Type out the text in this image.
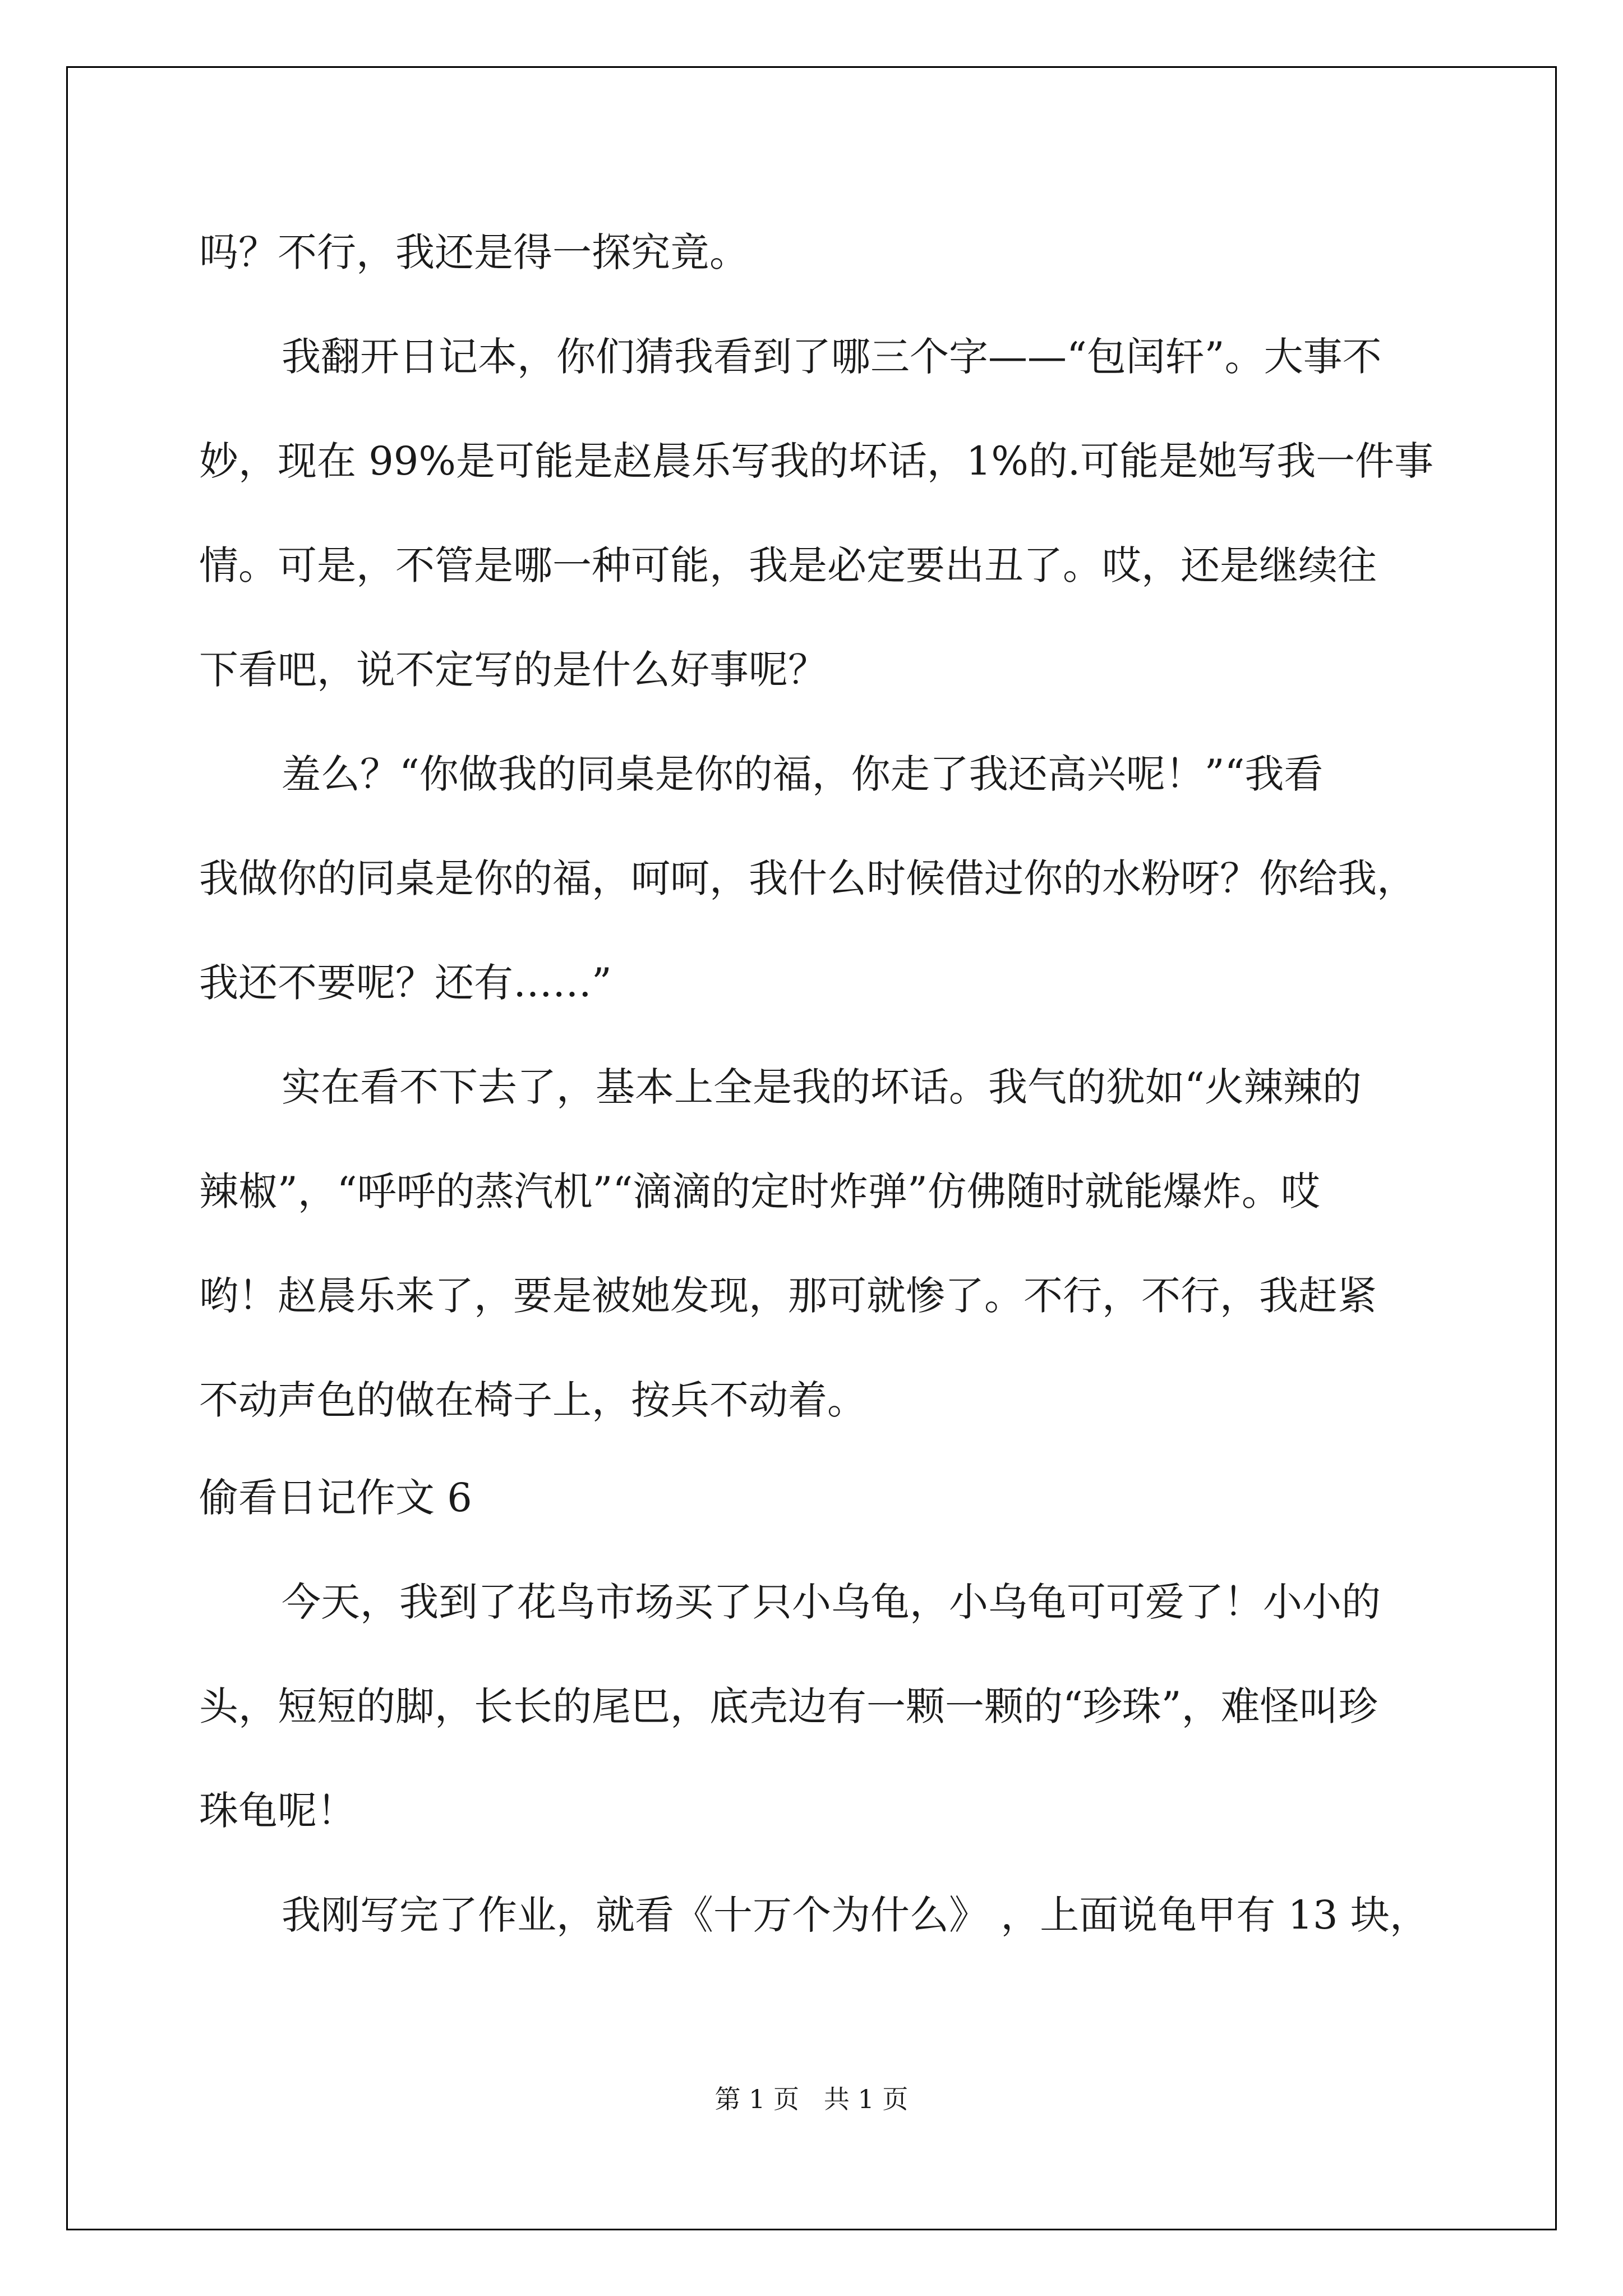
吗？不行，我还是得一探究竟。

我翻开日记本，你们猜我看到了哪三个字——“包闰轩”。大事不

妙，现在 99%是可能是赵晨乐写我的坏话，1%的.可能是她写我一件事

情。可是，不管是哪一种可能，我是必定要出丑了。哎，还是继续往

下看吧，说不定写的是什么好事呢？

羞么？“你做我的同桌是你的福，你走了我还高兴呢！”“我看

我做你的同桌是你的福，呵呵，我什么时候借过你的水粉呀？你给我，

我还不要呢？还有……”

实在看不下去了，基本上全是我的坏话。我气的犹如“火辣辣的

辣椒”，“呼呼的蒸汽机”“滴滴的定时炸弹”仿佛随时就能爆炸。哎

哟！赵晨乐来了，要是被她发现，那可就惨了。不行，不行，我赶紧

不动声色的做在椅子上，按兵不动着。

偷看日记作文 6

今天，我到了花鸟市场买了只小乌龟，小乌龟可可爱了！小小的

头，短短的脚，长长的尾巴，底壳边有一颗一颗的“珍珠”，难怪叫珍

珠龟呢！

我刚写完了作业，就看《十万个为什么》 ，上面说龟甲有 13 块，

第 1 页   共 1 页
